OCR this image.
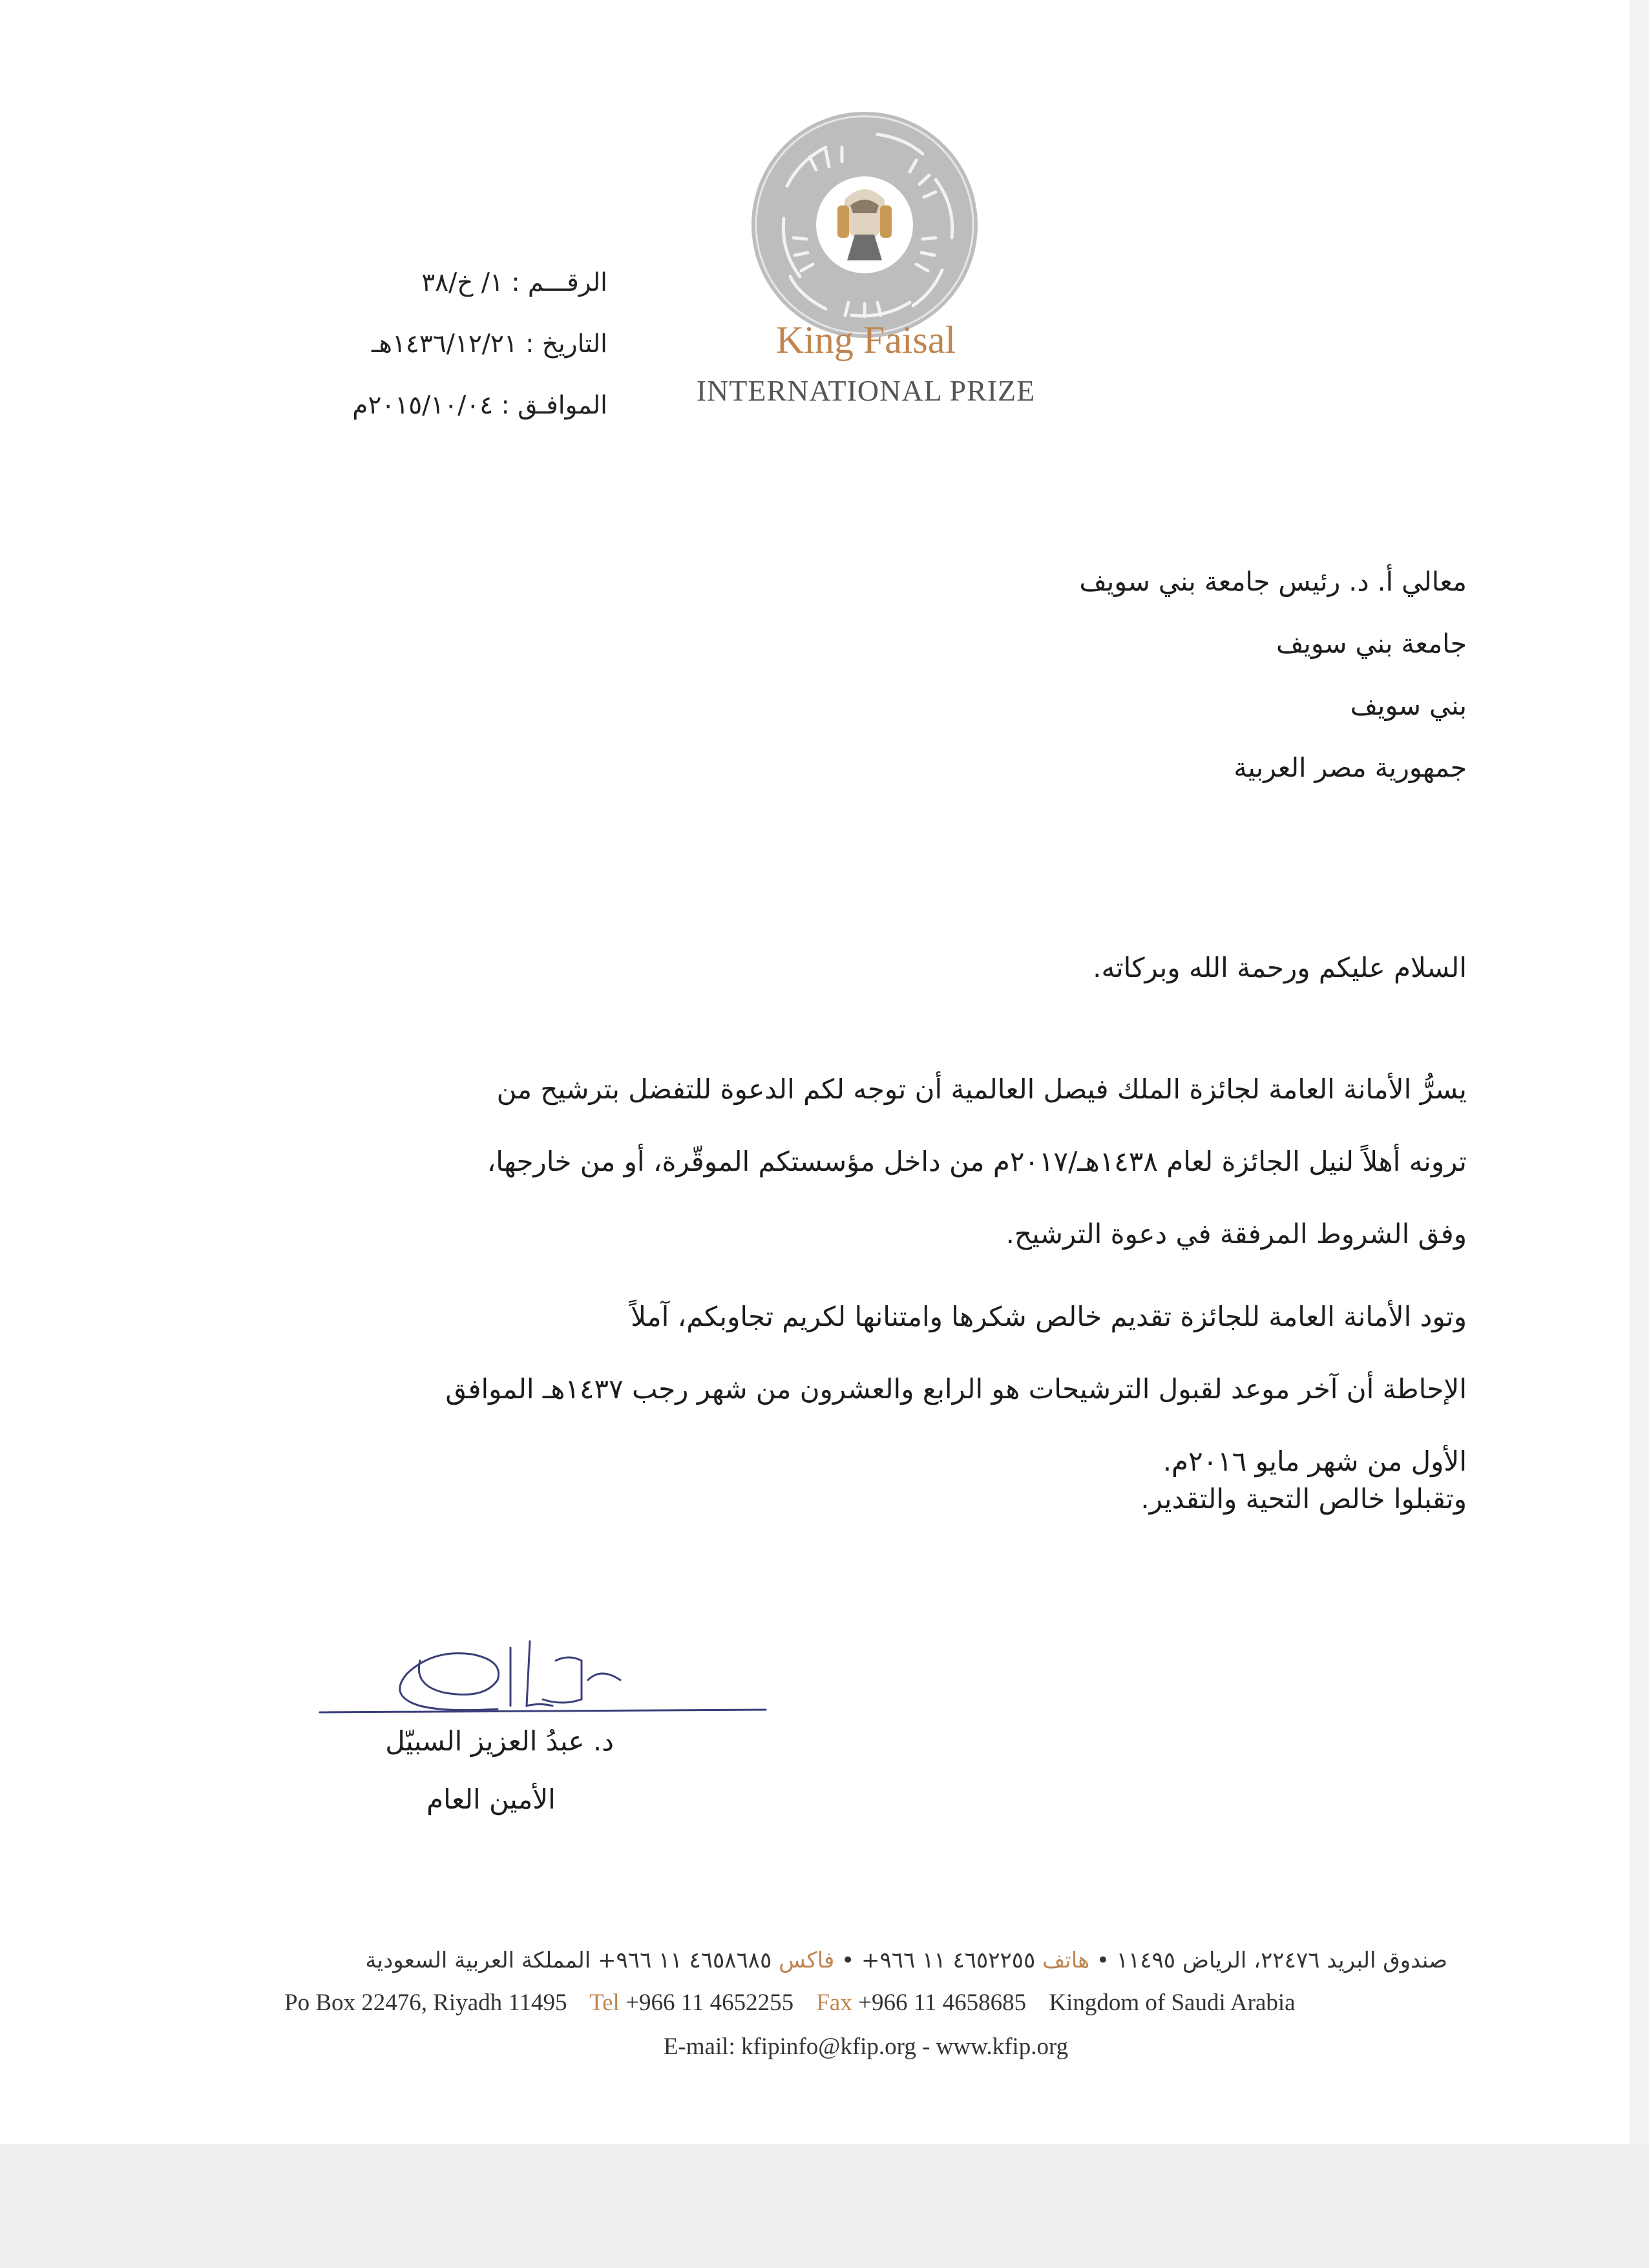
King Faisal
INTERNATIONAL PRIZE
الرقـــم : ١/ خ/٣٨
التاريخ : ١٤٣٦/١٢/٢١هـ
الموافـق : ٢٠١٥/١٠/٠٤م
معالي أ. د. رئيس جامعة بني سويف
جامعة بني سويف
بني سويف
جمهورية مصر العربية
السلام عليكم ورحمة الله وبركاته.
يسرُّ الأمانة العامة لجائزة الملك فيصل العالمية أن توجه لكم الدعوة للتفضل بترشيح من
ترونه أهلاً لنيل الجائزة لعام ١٤٣٨هـ/٢٠١٧م من داخل مؤسستكم الموقّرة، أو من خارجها،
وفق الشروط المرفقة في دعوة الترشيح.
وتود الأمانة العامة للجائزة تقديم خالص شكرها وامتنانها لكريم تجاوبكم، آملاً
الإحاطة أن آخر موعد لقبول الترشيحات هو الرابع والعشرون من شهر رجب ١٤٣٧هـ الموافق
الأول من شهر مايو ٢٠١٦م.
وتقبلوا خالص التحية والتقدير.
د. عبدُ العزيز السبيّل
الأمين العام
صندوق البريد ٢٢٤٧٦، الرياض ١١٤٩٥ • هاتف ٤٦٥٢٢٥٥ ١١ ٩٦٦+ • فاكس ٤٦٥٨٦٨٥ ١١ ٩٦٦+ المملكة العربية السعودية
Po Box 22476, Riyadh 11495 Tel +966 11 4652255 Fax +966 11 4658685 Kingdom of Saudi Arabia
E-mail: kfipinfo@kfip.org - www.kfip.org
